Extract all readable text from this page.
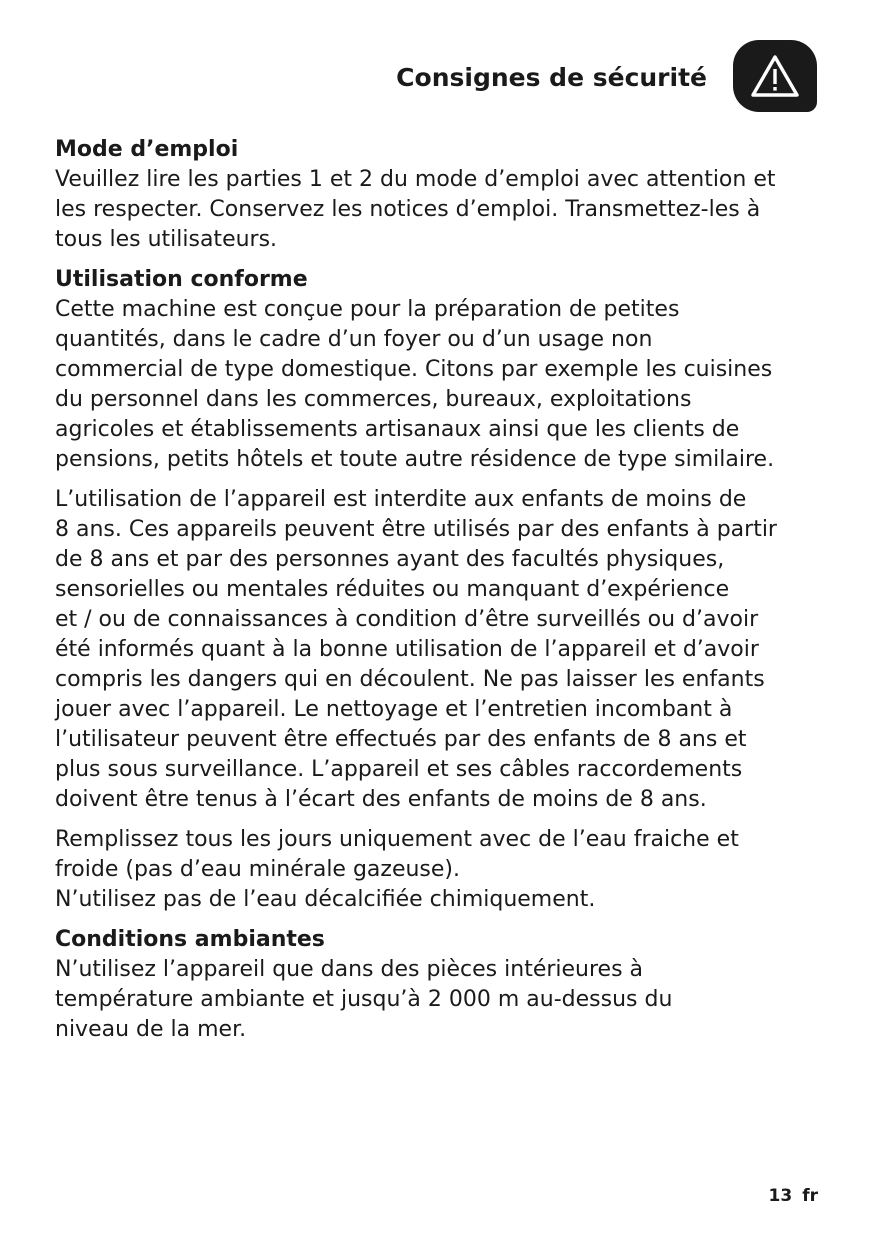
Consignes de sécurité
Mode d’emploi

Veuillez lire les parties 1 et 2 du mode d’emploi avec attention et
les respecter. Conservez les notices d’emploi. Transmettez-les à
tous les utilisateurs.

Utilisation conforme

Cette machine est conçue pour la préparation de petites
quantités, dans le cadre d’un foyer ou d’un usage non
commercial de type domestique. Citons par exemple les cuisines
du personnel dans les commerces, bureaux, exploitations
agricoles et établissements artisanaux ainsi que les clients de
pensions, petits hôtels et toute autre résidence de type similaire.

L’utilisation de l’appareil est interdite aux enfants de moins de
8 ans. Ces appareils peuvent être utilisés par des enfants à partir
de 8 ans et par des personnes ayant des facultés physiques,
sensorielles ou mentales réduites ou manquant d’expérience
et / ou de connaissances à condition d’être surveillés ou d’avoir
été informés quant à la bonne utilisation de l’appareil et d’avoir
compris les dangers qui en découlent. Ne pas laisser les enfants
jouer avec l’appareil. Le nettoyage et l’entretien incombant à
l’utilisateur peuvent être effectués par des enfants de 8 ans et
plus sous surveillance. L’appareil et ses câbles raccordements
doivent être tenus à l’écart des enfants de moins de 8 ans.

Remplissez tous les jours uniquement avec de l’eau fraiche et
froide (pas d’eau minérale gazeuse).
N’utilisez pas de l’eau décalcifiée chimiquement.

Conditions ambiantes

N’utilisez l’appareil que dans des pièces intérieures à
température ambiante et jusqu’à 2 000 m au-dessus du
niveau de la mer.

13 fr
